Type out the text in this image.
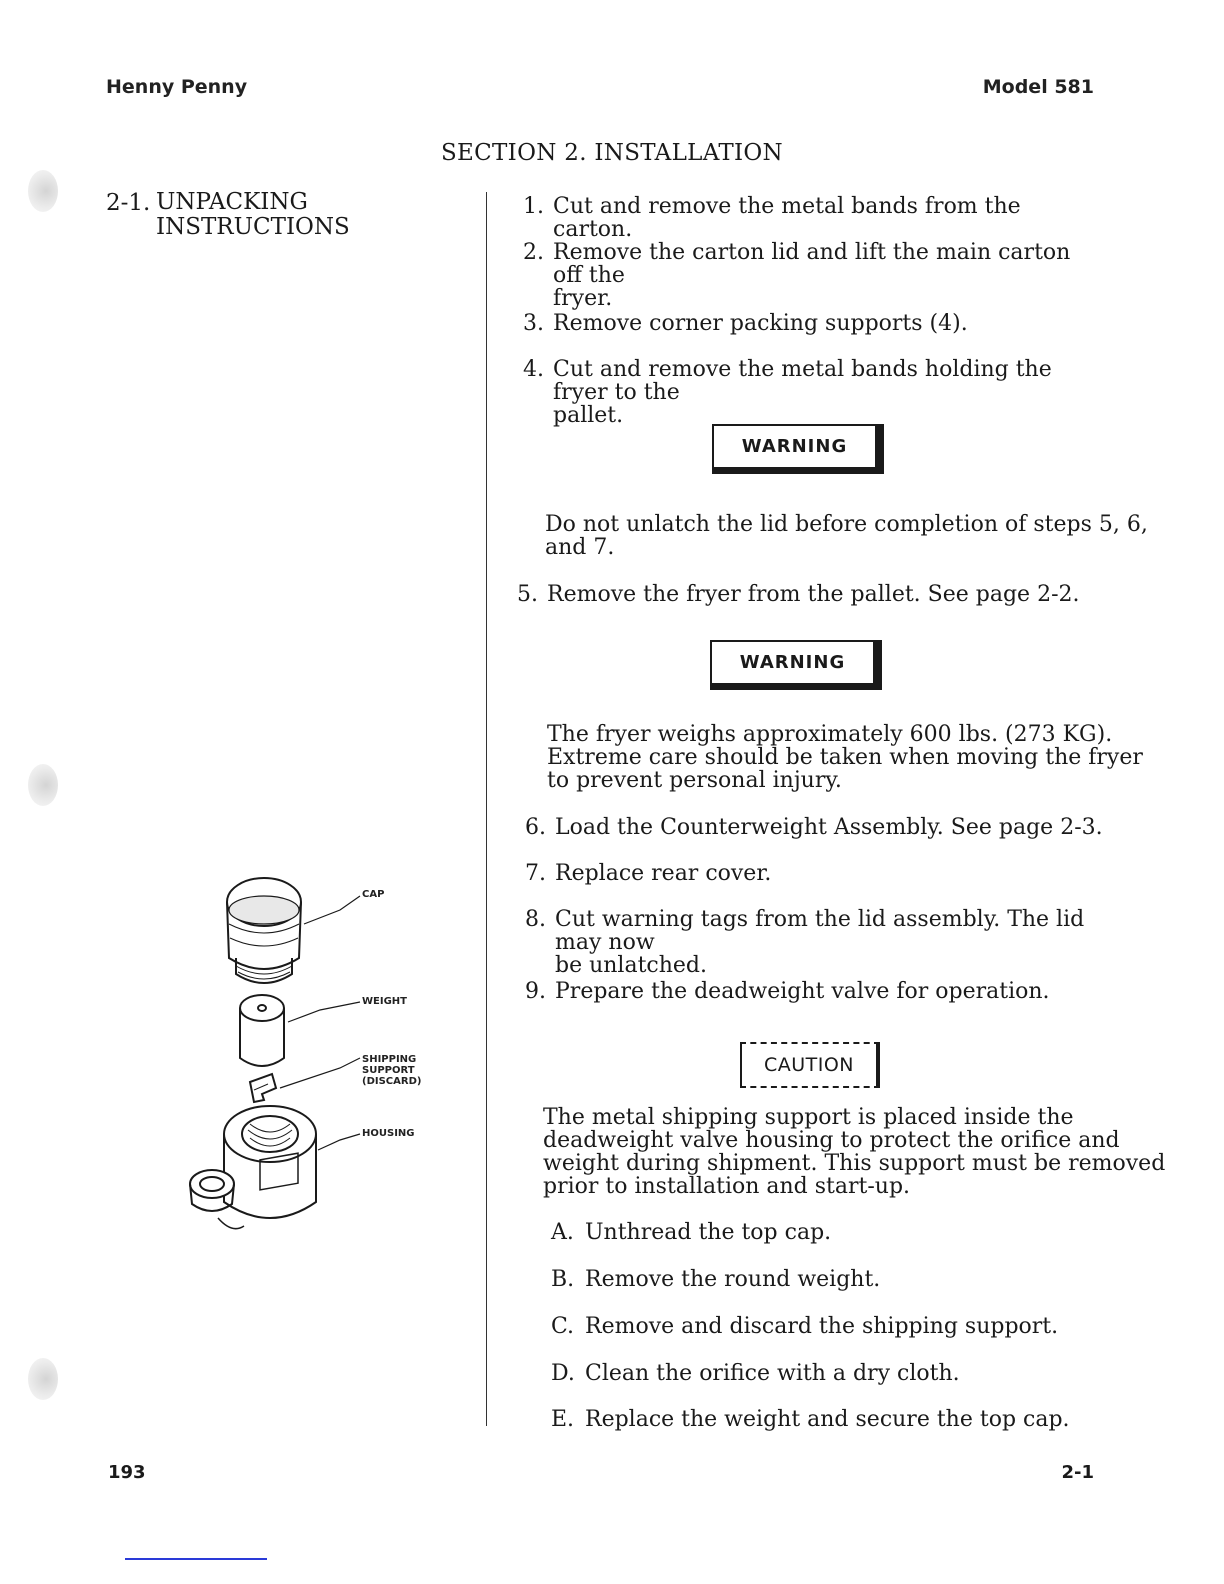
Henny Penny	Model 581
SECTION 2. INSTALLATION
2-1. UNPACKING
INSTRUCTIONS
1. Cut and remove the metal bands from the carton.
2. Remove the carton lid and lift the main carton off the
fryer.
3. Remove corner packing supports (4).
4. Cut and remove the metal bands holding the fryer to the
pallet.
WARNING
Do not unlatch the lid before completion of steps 5, 6,
and 7.
5. Remove the fryer from the pallet. See page 2-2.
WARNING
The fryer weighs approximately 600 lbs. (273 KG).
Extreme care should be taken when moving the fryer
to prevent personal injury.
6. Load the Counterweight Assembly. See page 2-3.
7. Replace rear cover.
8. Cut warning tags from the lid assembly. The lid may now
be unlatched.
9. Prepare the deadweight valve for operation.
CAUTION
The metal shipping support is placed inside the
deadweight valve housing to protect the orifice and
weight during shipment. This support must be removed
prior to installation and start-up.
A. Unthread the top cap.
B. Remove the round weight.
C. Remove and discard the shipping support.
D. Clean the orifice with a dry cloth.
E. Replace the weight and secure the top cap.
CAP
WEIGHT
SHIPPING
SUPPORT
(DISCARD)
HOUSING
193	2-1
